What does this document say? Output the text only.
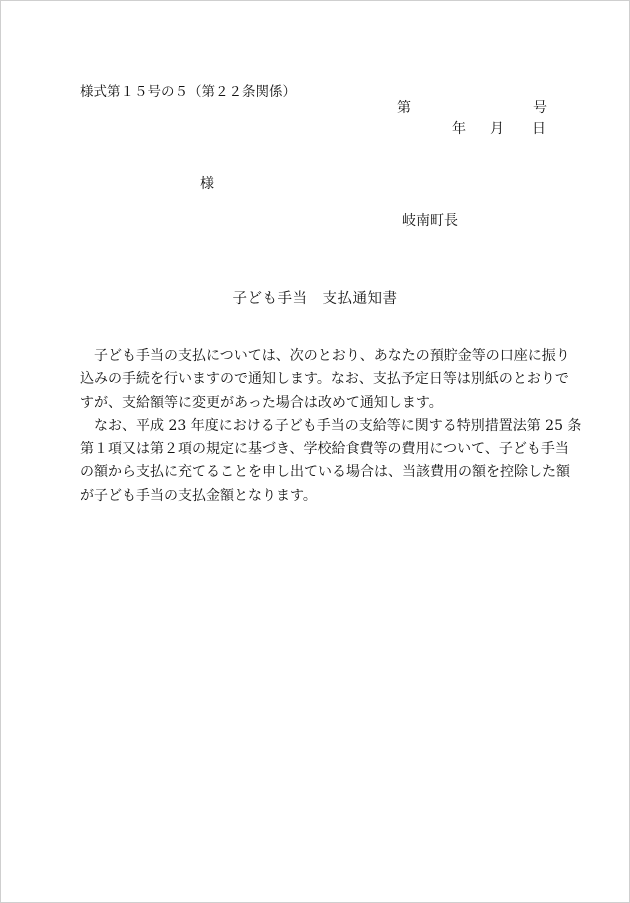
様式第１５号の５（第２２条関係）
第	号
年 月 日
様
岐南町長
子ども手当　支払通知書
　子ども手当の支払については、次のとおり、あなたの預貯金等の口座に振り
込みの手続を行いますので通知します。なお、支払予定日等は別紙のとおりで
すが、支給額等に変更があった場合は改めて通知します。
　なお、平成 23 年度における子ども手当の支給等に関する特別措置法第 25 条
第１項又は第２項の規定に基づき、学校給食費等の費用について、子ども手当
の額から支払に充てることを申し出ている場合は、当該費用の額を控除した額
が子ども手当の支払金額となります。
